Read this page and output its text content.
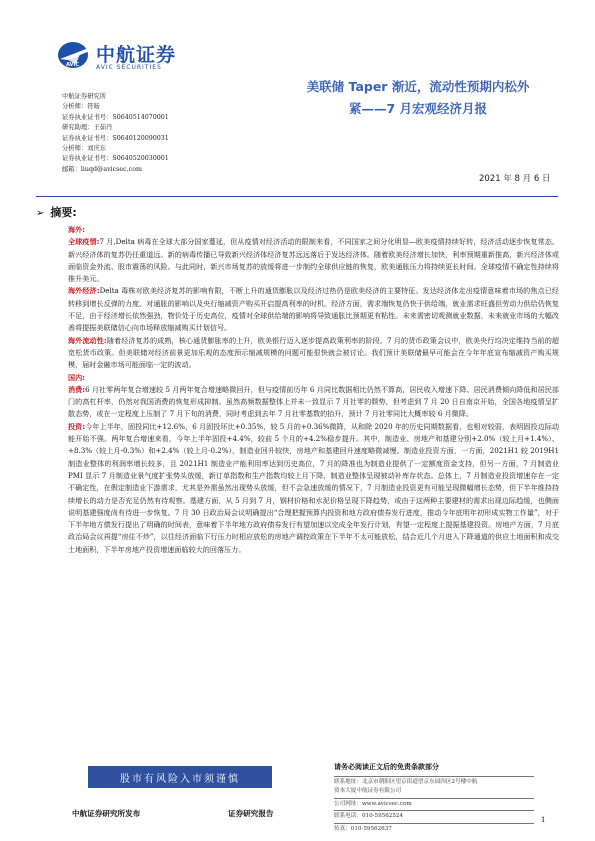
AVIC 中航证券
AVIC SECURITIES
美联储 Taper 渐近，流动性预期内松外
紧——7 月宏观经济月报
中航证券研究所
分析师：符旸
证券执业证书号：S0640514070001
研究助理：王茹丹
证券执业证书号：S0640120090031
分析师：刘庆东
证券执业证书号：S0640520030001
邮箱：liuqd@avicsec.com
2021 年 8 月 6 日
➢ 摘要:

海外:

全球疫情:7 月,Delta 病毒在全球大部分国家蔓延，但从疫情对经济活动的限制来看，不同国家之间分化明显—欧美疫情持续好转，经济活动逐步恢复常态。新兴经济体的复苏仍任重道远。新的病毒传播已导致新兴经济体经济复苏远远落后于发达经济体。随着欧美经济增长加快，利率预期重新推高，新兴经济体或面临资金外流、股市震荡的风险。与此同时，新兴市场复苏的放缓将进一步制约全球供应链的恢复，欧美通胀压力将持续更长时间。全球疫情不确定性持续将推升美元。

海外经济:Delta 毒株对欧美经济复苏的影响有限，不断上升的通货膨胀以及经济过热仍是欧美经济的主要特征。发达经济体走出疫情意味着市场的焦点已经转移到增长反弹的力度、对通胀的影响以及央行缩减资产购买开启提高利率的时机。经济方面，需求端恢复仍快于供给端，就业需求旺盛但劳动力供给仍恢复不足，由于经济增长依然强劲，物价处于历史高位，疫情对全球供给端的影响将导致通胀比预期更有粘性。未来需密切观测就业数据，未来就业市场的大幅改善将提振美联储信心向市场释放缩减购买计划信号。

海外流动性:随着经济复苏的成熟，核心通货膨胀率的上升，欧美银行迈入逐步提高政策利率的阶段。7 月的货币政策会议中，欧美央行均决定维持当前的超宽松货币政策。但美联储对经济前景更加乐观的态度预示缩减规模的问题可能很快就会被讨论。我们预计美联储最早可能会在今年年底宣布缩减资产购买规模，届时金融市场可能面临一定的波动。

国内:

消费:6 月社零两年复合增速较 5 月两年复合增速略微回升，但与疫情前历年 6 月同比数据相比仍然不算高，居民收入增速下降、居民消费倾向降低和居民部门的高杠杆率，仍然对我国消费的恢复形成抑制。虽然高频数据整体上并未一致显示 7 月社零的颓势，但考虑到 7 月 20 日自南京开始，全国各地疫情呈扩散态势，或在一定程度上压制了 7 月下旬的消费，同时考虑到去年 7 月社零基数的抬升，预计 7 月社零同比大概率较 6 月微降。

投资:今年上半年，固投同比+12.6%，6 月固投环比+0.35%，较 5 月的+0.36%微降，从和除 2020 年的历史同期数据看，也相对较弱，表明固投边际动能开始不强。两年复合增速来看，今年上半年固投+4.4%，较前 5 个月的+4.2%稳步提升。其中，制造业、房地产和基建分别+2.0%（较上月+1.4%）、+8.3%（较上月-0.3%）和+2.4%（较上月-0.2%），制造业回升较快，房地产和基建回升速度略微减慢。制造业投资方面，一方面，2021H1 较 2019H1 制造业整体的利润率增长较多，且 2021H1 制造业产能利用率达到历史高位，7 月的降准也为制造业提供了一定额度资金支持，但另一方面，7 月制造业 PMI 显示 7 月制造业景气度扩张势头放缓，新订单指数和生产指数均较上月下降，制造业整体呈现被动补库存状态。总体上，7 月制造业投资增速存在一定不确定性，在假定制造业下游需求，尤其是外需虽然出现势头放缓，但不会急速放缓的情况下，7 月制造业投资更有可能呈现微幅增长态势，但下半年维持持续增长的动力是否充足仍然有待观察。基建方面，从 5 月到 7 月，钢材价格和水泥价格呈现下降趋势，或由于这两种主要建材的需求出现边际趋缓，也侧面说明基建强度尚有待进一步恢复。7 月 30 日政治局会议明确提出“合理把握预算内投资和地方政府债券发行进度，推动今年底明年初形成实物工作量”，对于下半年地方债发行提出了明确的时间表，意味着下半年地方政府债券发行有望加速以完成全年发行计划，有望一定程度上提振基建投资。房地产方面，7 月底政治局会议再提“房住不炒”，以往经济面临下行压力时相应放松的房地产调控政策在下半年不太可能放松，结合近几个月进入下降通道的供应土地面积和成交土地面积，下半年房地产投资增速面临较大的回落压力。

股市有风险入市须谨慎
中航证券研究所发布	证券研究报告
请务必阅读正文后的免责条款部分
联系地址：北京市朝阳区望京街道望京东园四区2号楼中航
资本大厦中航证券有限公司
公司网址：www.avicsec.com
联系电话：010-59562524
传真：010-59562637
1
